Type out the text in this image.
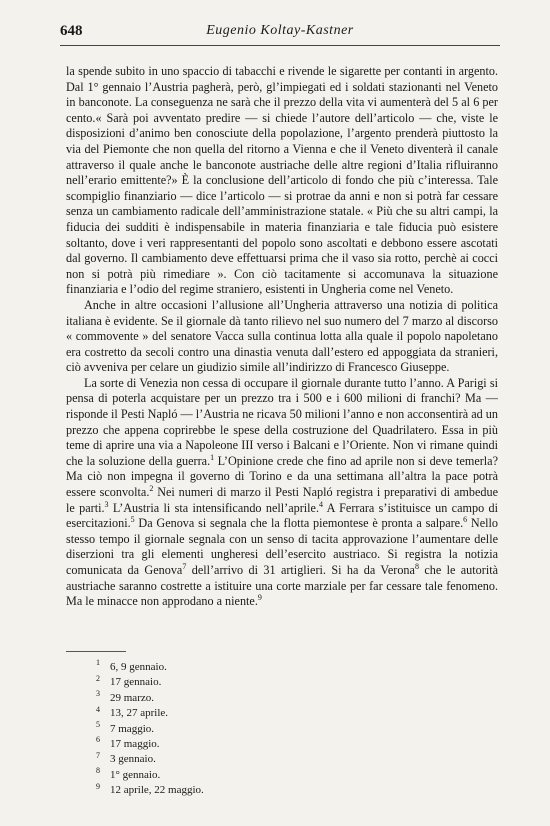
Eugenio Koltay-Kastner
648

la spende subito in uno spaccio di tabacchi e rivende le sigarette per contanti in argento. Dal 1° gennaio l’Austria pagherà, però, gl’impiegati ed i soldati stazionanti nel Veneto in banconote. La conseguenza ne sarà che il prezzo della vita vi aumenterà del 5 al 6 per cento.« Sarà poi avventato predire — si chiede l’autore dell’articolo — che, viste le disposizioni d’animo ben conosciute della popolazione, l’argento prenderà piuttosto la via del Piemonte che non quella del ritorno a Vienna e che il Veneto diventerà il canale attraverso il quale anche le banconote austriache delle altre regioni d’Italia rifluiranno nell’erario emittente?» È la conclusione dell’articolo di fondo che più c’interessa. Tale scompiglio finanziario — dice l’articolo — si protrae da anni e non si potrà far cessare senza un cambiamento radicale dell’amministrazione statale. « Più che su altri campi, la fiducia dei sudditi è indispensabile in materia finanziaria e tale fiducia può esistere soltanto, dove i veri rappresentanti del popolo sono ascoltati e debbono essere ascotati dal governo. Il cambiamento deve effettuarsi prima che il vaso sia rotto, perchè ai cocci non si potrà più rimediare ». Con ciò tacitamente si accomunava la situazione finanziaria e l’odio del regime straniero, esistenti in Ungheria come nel Veneto.

Anche in altre occasioni l’allusione all’Ungheria attraverso una notizia di politica italiana è evidente. Se il giornale dà tanto rilievo nel suo numero del 7 marzo al discorso « commovente » del senatore Vacca sulla continua lotta alla quale il popolo napoletano era costretto da secoli contro una dinastia venuta dall’estero ed appoggiata da stranieri, ciò avveniva per celare un giudizio simile all’indirizzo di Francesco Giuseppe.

La sorte di Venezia non cessa di occupare il giornale durante tutto l’anno. A Parigi si pensa di poterla acquistare per un prezzo tra i 500 e i 600 milioni di franchi? Ma — risponde il Pesti Napló — l’Austria ne ricava 50 milioni l’anno e non acconsentirà ad un prezzo che appena coprirebbe le spese della costruzione del Quadrilatero. Essa in più teme di aprire una via a Napoleone III verso i Balcani e l’Oriente. Non vi rimane quindi che la soluzione della guerra.$^1$ L’Opinione crede che fino ad aprile non si deve temerla? Ma ciò non impegna il governo di Torino e da una settimana all’altra la pace potrà essere sconvolta.$^2$ Nei numeri di marzo il Pesti Napló registra i preparativi di ambedue le parti.$^3$ L’Austria li sta intensificando nell’aprile.$^4$ A Ferrara s’istituisce un campo di esercitazioni.$^5$ Da Genova si segnala che la flotta piemontese è pronta a salpare.$^6$ Nello stesso tempo il giornale segnala con un senso di tacita approvazione l’aumentare delle diserzioni tra gli elementi ungheresi dell’esercito austriaco. Si registra la notizia comunicata da Genova$^7$ dell’arrivo di 31 artiglieri. Si ha da Verona$^8$ che le autorità austriache saranno costrette a istituire una corte marziale per far cessare tale fenomeno. Ma le minacce non approdano a niente.$^9$

1 6, 9 gennaio.
2 17 gennaio.
3 29 marzo.
4 13, 27 aprile.
5 7 maggio.
6 17 maggio.
7 3 gennaio.
8 1° gennaio.
9 12 aprile, 22 maggio.
